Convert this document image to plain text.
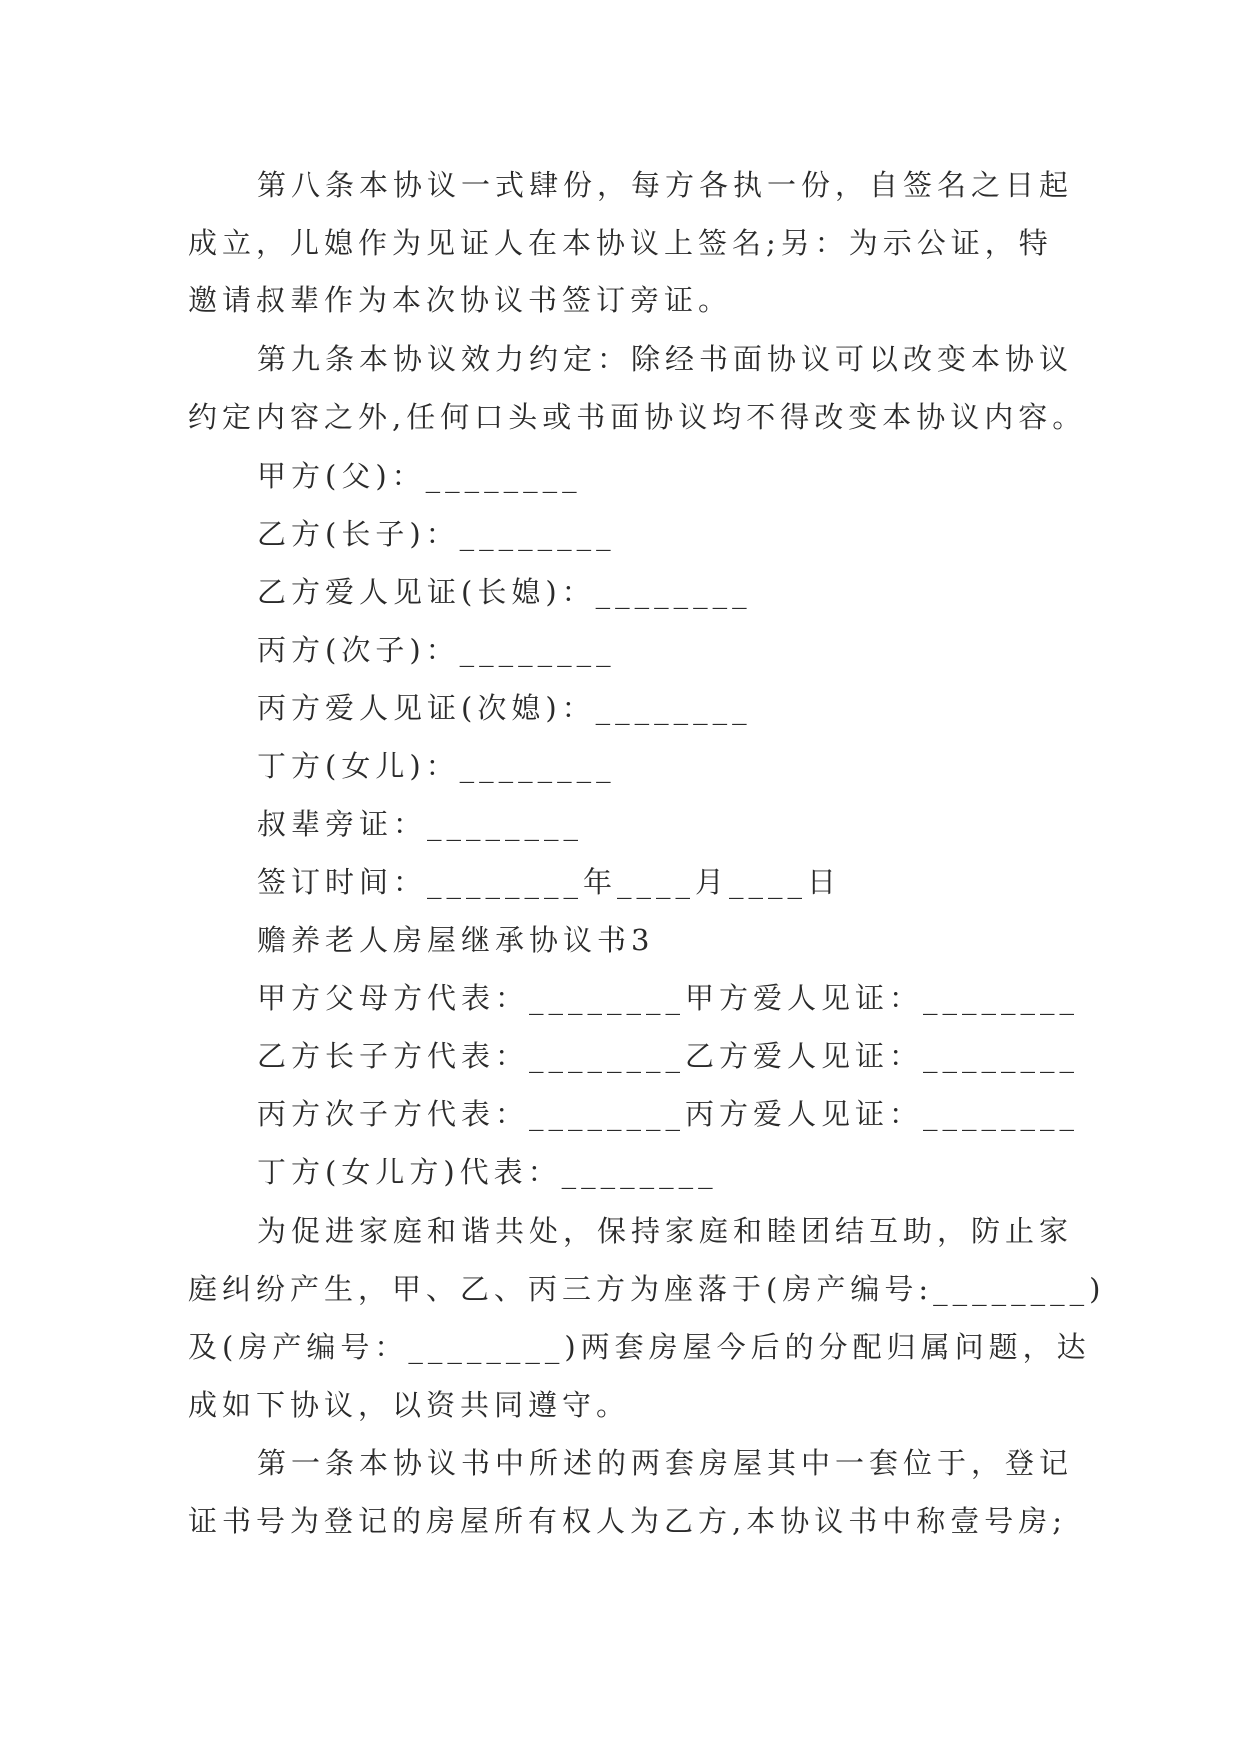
第八条本协议一式肆份，每方各执一份，自签名之日起
成立，儿媳作为见证人在本协议上签名;另：为示公证，特
邀请叔辈作为本次协议书签订旁证。
第九条本协议效力约定：除经书面协议可以改变本协议
约定内容之外,任何口头或书面协议均不得改变本协议内容。
甲方(父)：________
乙方(长子)：________
乙方爱人见证(长媳)：________
丙方(次子)：________
丙方爱人见证(次媳)：________
丁方(女儿)：________
叔辈旁证：________
签订时间：________年____月____日
赡养老人房屋继承协议书3
甲方父母方代表：________甲方爱人见证：________
乙方长子方代表：________乙方爱人见证：________
丙方次子方代表：________丙方爱人见证：________
丁方(女儿方)代表：________
为促进家庭和谐共处，保持家庭和睦团结互助，防止家
庭纠纷产生，甲、乙、丙三方为座落于(房产编号:________)
及(房产编号：________)两套房屋今后的分配归属问题，达
成如下协议，以资共同遵守。
第一条本协议书中所述的两套房屋其中一套位于，登记
证书号为登记的房屋所有权人为乙方,本协议书中称壹号房;
